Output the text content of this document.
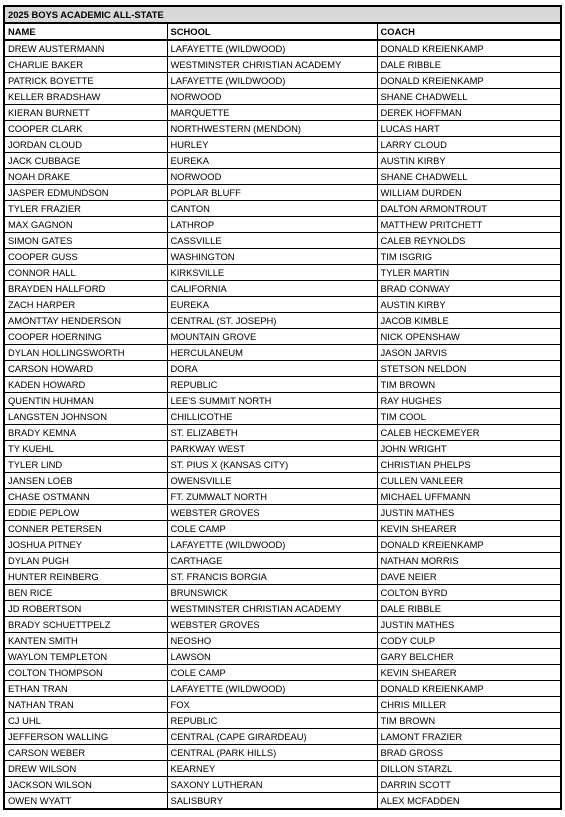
2025 BOYS ACADEMIC ALL-STATE		
NAME	SCHOOL	COACH
DREW AUSTERMANN	LAFAYETTE (WILDWOOD)	DONALD KREIENKAMP
CHARLIE BAKER	WESTMINSTER CHRISTIAN ACADEMY	DALE RIBBLE
PATRICK BOYETTE	LAFAYETTE (WILDWOOD)	DONALD KREIENKAMP
KELLER BRADSHAW	NORWOOD	SHANE CHADWELL
KIERAN BURNETT	MARQUETTE	DEREK HOFFMAN
COOPER CLARK	NORTHWESTERN (MENDON)	LUCAS HART
JORDAN CLOUD	HURLEY	LARRY CLOUD
JACK CUBBAGE	EUREKA	AUSTIN KIRBY
NOAH DRAKE	NORWOOD	SHANE CHADWELL
JASPER EDMUNDSON	POPLAR BLUFF	WILLIAM DURDEN
TYLER FRAZIER	CANTON	DALTON ARMONTROUT
MAX GAGNON	LATHROP	MATTHEW PRITCHETT
SIMON GATES	CASSVILLE	CALEB REYNOLDS
COOPER GUSS	WASHINGTON	TIM ISGRIG
CONNOR HALL	KIRKSVILLE	TYLER MARTIN
BRAYDEN HALLFORD	CALIFORNIA	BRAD CONWAY
ZACH HARPER	EUREKA	AUSTIN KIRBY
AMONTTAY HENDERSON	CENTRAL (ST. JOSEPH)	JACOB KIMBLE
COOPER HOERNING	MOUNTAIN GROVE	NICK OPENSHAW
DYLAN HOLLINGSWORTH	HERCULANEUM	JASON JARVIS
CARSON HOWARD	DORA	STETSON NELDON
KADEN HOWARD	REPUBLIC	TIM BROWN
QUENTIN HUHMAN	LEE'S SUMMIT NORTH	RAY HUGHES
LANGSTEN JOHNSON	CHILLICOTHE	TIM COOL
BRADY KEMNA	ST. ELIZABETH	CALEB HECKEMEYER
TY KUEHL	PARKWAY WEST	JOHN WRIGHT
TYLER LIND	ST. PIUS X (KANSAS CITY)	CHRISTIAN PHELPS
JANSEN LOEB	OWENSVILLE	CULLEN VANLEER
CHASE OSTMANN	FT. ZUMWALT NORTH	MICHAEL UFFMANN
EDDIE PEPLOW	WEBSTER GROVES	JUSTIN MATHES
CONNER PETERSEN	COLE CAMP	KEVIN SHEARER
JOSHUA PITNEY	LAFAYETTE (WILDWOOD)	DONALD KREIENKAMP
DYLAN PUGH	CARTHAGE	NATHAN MORRIS
HUNTER REINBERG	ST. FRANCIS BORGIA	DAVE NEIER
BEN RICE	BRUNSWICK	COLTON BYRD
JD ROBERTSON	WESTMINSTER CHRISTIAN ACADEMY	DALE RIBBLE
BRADY SCHUETTPELZ	WEBSTER GROVES	JUSTIN MATHES
KANTEN SMITH	NEOSHO	CODY CULP
WAYLON TEMPLETON	LAWSON	GARY BELCHER
COLTON THOMPSON	COLE CAMP	KEVIN SHEARER
ETHAN TRAN	LAFAYETTE (WILDWOOD)	DONALD KREIENKAMP
NATHAN TRAN	FOX	CHRIS MILLER
CJ UHL	REPUBLIC	TIM BROWN
JEFFERSON WALLING	CENTRAL (CAPE GIRARDEAU)	LAMONT FRAZIER
CARSON WEBER	CENTRAL (PARK HILLS)	BRAD GROSS
DREW WILSON	KEARNEY	DILLON STARZL
JACKSON WILSON	SAXONY LUTHERAN	DARRIN SCOTT
OWEN WYATT	SALISBURY	ALEX MCFADDEN
